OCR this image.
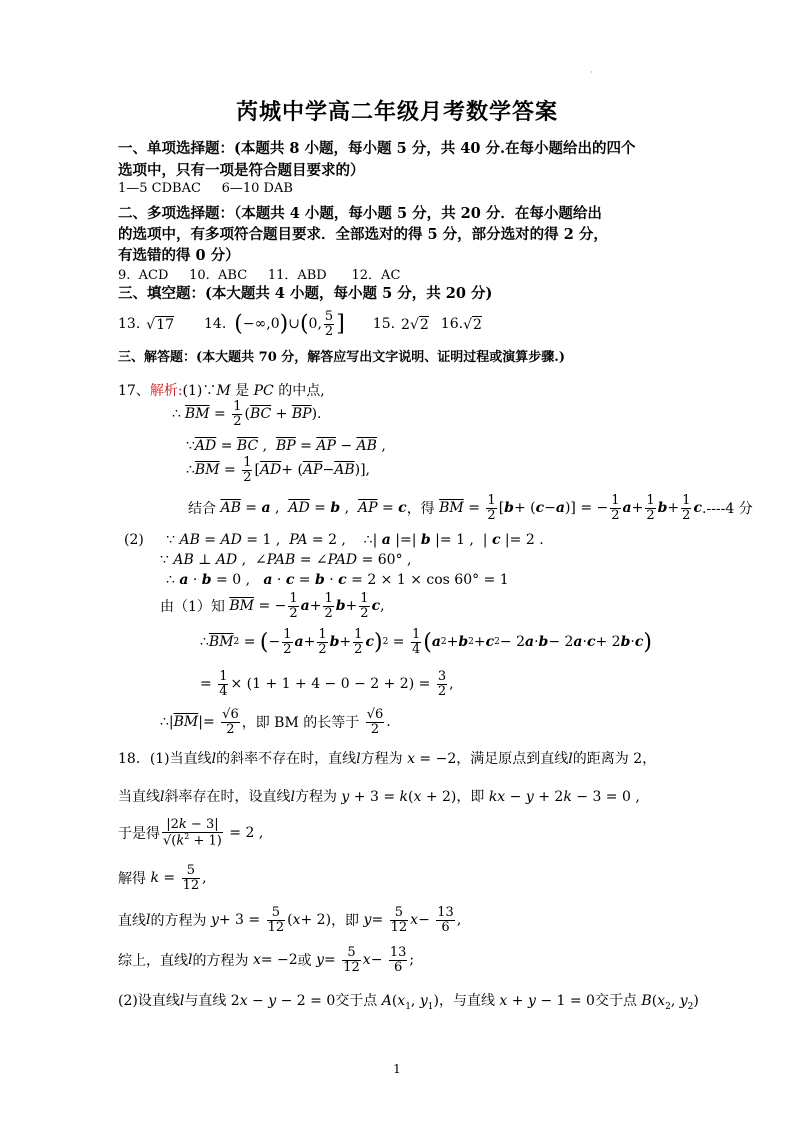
·
芮城中学高二年级月考数学答案
一、单项选择题：(本题共 8 小题，每小题 5 分，共 40 分.在每小题给出的四个
选项中，只有一项是符合题目要求的）
1—5 CDBAC     6—10 DAB
二、多项选择题：（本题共 4 小题，每小题 5 分，共 20 分．在每小题给出
的选项中，有多项符合题目要求．全部选对的得 5 分，部分选对的得 2 分，
有选错的得 0 分）
9.  ACD     10.  ABC     11．ABD      12．AC
三、填空题：(本大题共 4 小题，每小题 5 分，共 20 分)
13. √17 14. (−∞,0)∪(0, $\frac{5}{2}$ ] 15. 2√2 16. √2
三、解答题：(本大题共 70 分，解答应写出文字说明、证明过程或演算步骤.)
17、解析:(1)∵M 是 PC 的中点,
∴ $\overline{BM} = \frac{1}{2}$ ( $\overline{BC} + \overline{BP}$ ).
$\because\overline{AD} = \overline{BC}$ ,  $\overline{BP} = \overline{AP} - \overline{AB}$ ,
∴ $\overline{BM} = \frac{1}{2}$ [ $\overline{AD}$ + ( $\overline{AP} - \overline{AB}$ )],
结合
$\overline{AB} = a$ , $\overline{AD} = b$ , $\overline{AP} = c$ ，得
$\overline{BM} = \frac{1}{2}$ [ b + ( c − a )] = − $\frac{1}{2}$ $a + \frac{1}{2}$ $b + \frac{1}{2}$ c .----4 分
(2)     ∵ AB = AD = 1 ,  PA = 2 ,    ∴| a |=| b |= 1 ,  | c |= 2 .
∵ AB ⊥ AD ,  ∠PAB = ∠PAD = 60° ,
∴ a · b = 0 ,   a · c = b · c = 2 × 1 × cos 60° = 1
由（1）知
$\overline{BM}$ = − $\frac{1}{2}$ $a + \frac{1}{2}$ $b + \frac{1}{2}$ c ,
∴ $\overline{BM}$ 2 = ( − $\frac{1}{2}$ $a + \frac{1}{2}$ $b + \frac{1}{2}$ c ) $2 = \frac{1}{4}$ ( a 2 + b 2 + c 2 − 2 a · b − 2 a · c + 2 b · c )
= $\frac{1}{4} \times (1 + 1 + 4 - 0 - 2 + 2) = \frac{3}{2}$ ,
∴| $\overline{BM}$ |= $\frac{√6}{2}$ ，即 BM 的长等于
$\frac{√6}{2}$ .
18．(1)当直线l的斜率不存在时，直线l方程为 x = −2，满足原点到直线l的距离为 2，
当直线l斜率存在时，设直线l方程为 y + 3 = k(x + 2)，即 kx − y + 2k − 3 = 0 ,
于是得 $\frac{|2k - 3|}{√(k^2 + 1)} = 2$ ,
解得
$k = \frac{5}{12}$ ,
直线 l 的方程为
$y + 3 = \frac{5}{12}$ ( x + 2) ，即
$y = \frac{5}{12}$ $x - \frac{13}{6}$ ,
综上，直线 l 的方程为
x = −2 或
$y = \frac{5}{12}$ $x - \frac{13}{6}$ ;
(2)设直线l与直线 2x − y − 2 = 0交于点 $A(x_1$, $y_1$)，与直线 x + y − 1 = 0交于点 $B(x_2$, $y_2$)
1
